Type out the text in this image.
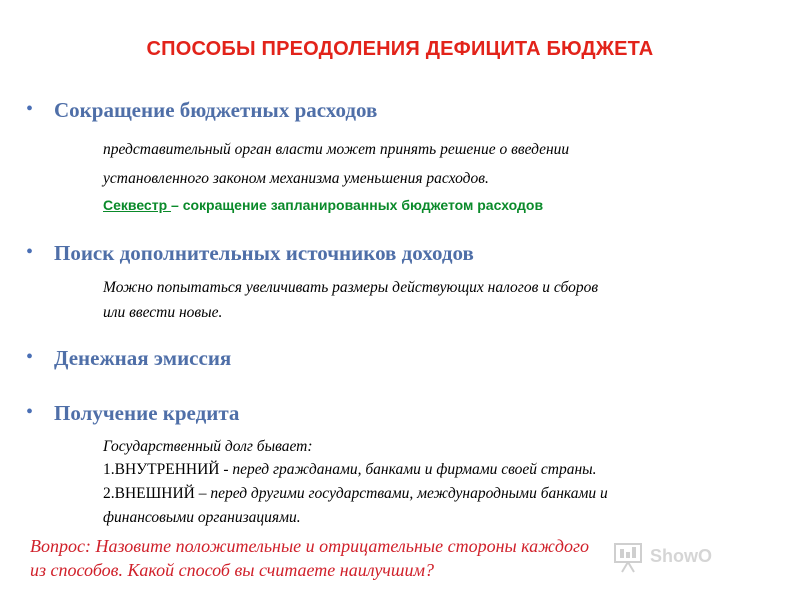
СПОСОБЫ ПРЕОДОЛЕНИЯ ДЕФИЦИТА БЮДЖЕТА
• Сокращение бюджетных расходов
представительный орган власти может принять решение о введении
установленного законом механизма уменьшения расходов.
Секвестр – сокращение запланированных бюджетом расходов
• Поиск дополнительных источников доходов
Можно попытаться увеличивать размеры действующих налогов и сборов
или ввести новые.
• Денежная эмиссия
• Получение кредита
Государственный долг бывает:
1.ВНУТРЕННИЙ - перед гражданами, банками и фирмами своей страны.
2.ВНЕШНИЙ – перед другими государствами, международными банками и
финансовыми организациями.
Вопрос: Назовите положительные и отрицательные стороны каждого
из способов. Какой способ вы считаете наилучшим?
ShowO
